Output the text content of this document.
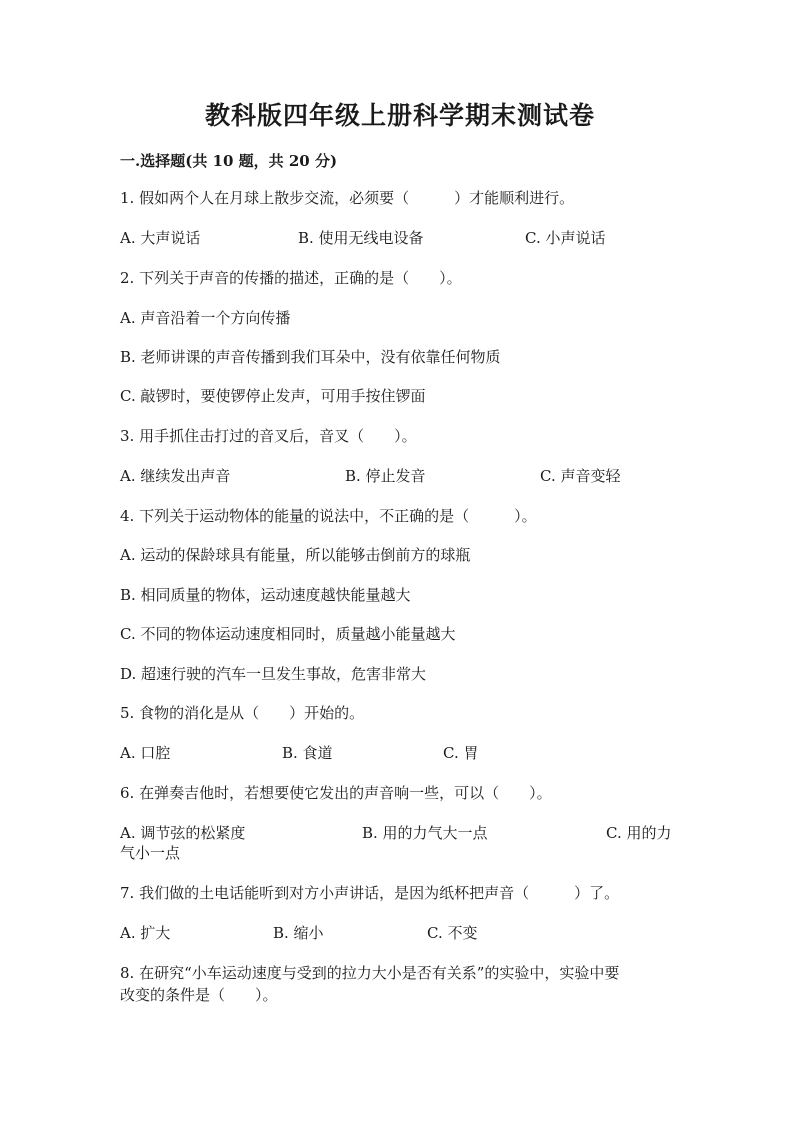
教科版四年级上册科学期末测试卷
一.选择题(共 10 题，共 20 分)
1. 假如两个人在月球上散步交流，必须要（　　　）才能顺利进行。
A. 大声说话	B. 使用无线电设备	C. 小声说话
2. 下列关于声音的传播的描述，正确的是（　　）。
A. 声音沿着一个方向传播
B. 老师讲课的声音传播到我们耳朵中，没有依靠任何物质
C. 敲锣时，要使锣停止发声，可用手按住锣面
3. 用手抓住击打过的音叉后，音叉（　　）。
A. 继续发出声音	B. 停止发音	C. 声音变轻
4. 下列关于运动物体的能量的说法中，不正确的是（　　　）。
A. 运动的保龄球具有能量，所以能够击倒前方的球瓶
B. 相同质量的物体，运动速度越快能量越大
C. 不同的物体运动速度相同时，质量越小能量越大
D. 超速行驶的汽车一旦发生事故，危害非常大
5. 食物的消化是从（　　）开始的。
A. 口腔	B. 食道	C. 胃
6. 在弹奏吉他时，若想要使它发出的声音响一些，可以（　　）。
A. 调节弦的松紧度	B. 用的力气大一点	C. 用的力
气小一点
7. 我们做的土电话能听到对方小声讲话，是因为纸杯把声音（　　　）了。
A. 扩大	B. 缩小	C. 不变
8. 在研究“小车运动速度与受到的拉力大小是否有关系”的实验中，实验中要
改变的条件是（　　）。
